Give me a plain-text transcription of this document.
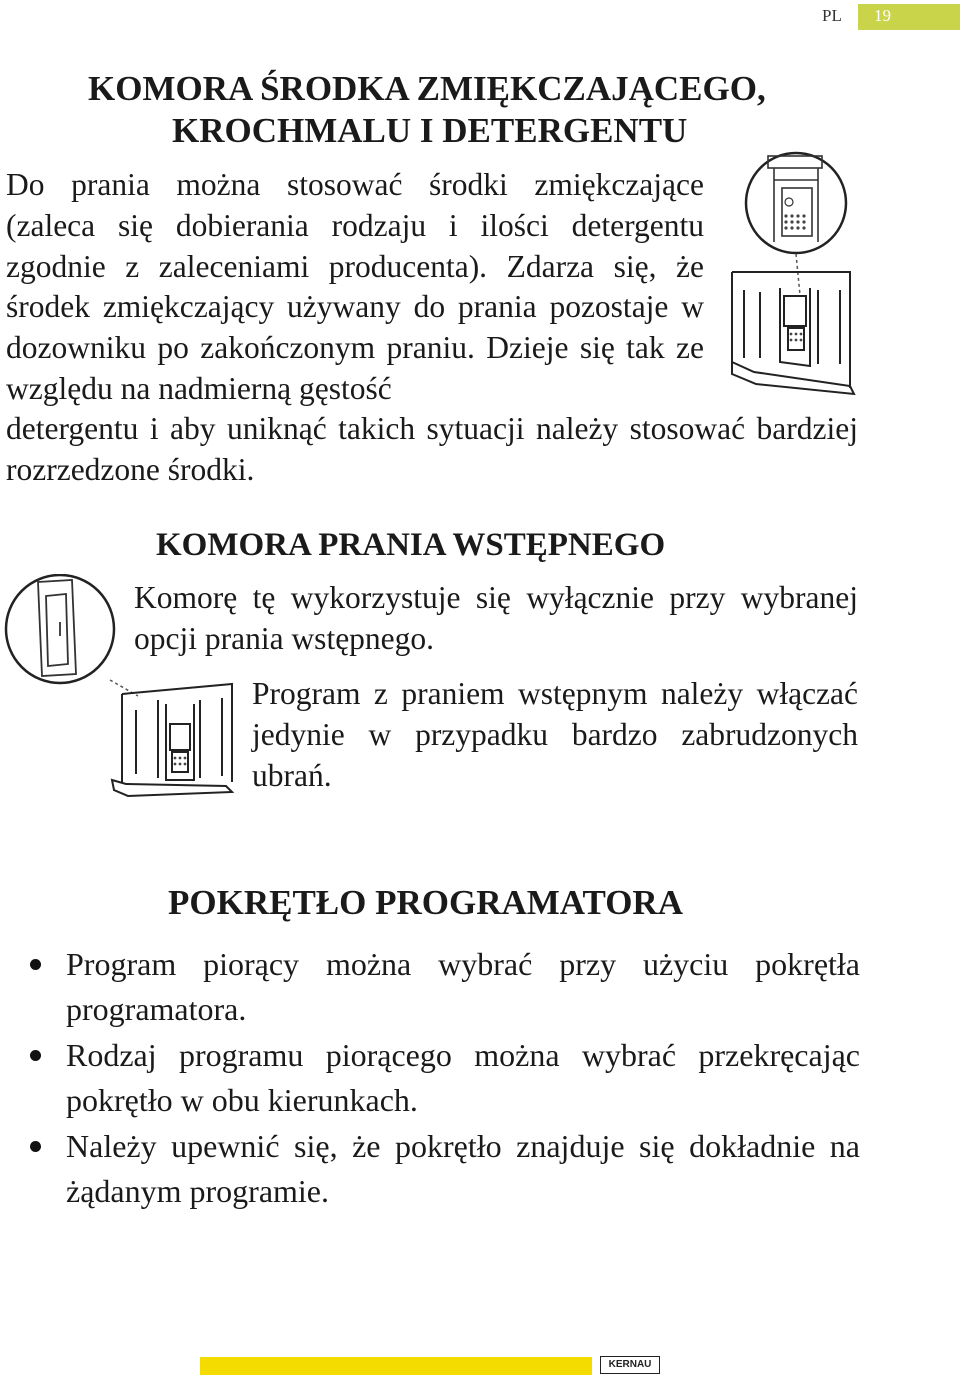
PL 19
KOMORA ŚRODKA ZMIĘKCZAJĄCEGO,
KROCHMALU I DETERGENTU

Do prania można stosować środki zmiękczające (zaleca się dobierania rodzaju i ilości detergentu zgodnie z zaleceniami producenta). Zdarza się, że środek zmiękczający używany do prania pozostaje w dozowniku po zakończonym praniu. Dzieje się tak ze względu na nadmierną gęstość

detergentu i aby uniknąć takich sytuacji należy stosować bardziej rozrzedzone środki.

KOMORA PRANIA WSTĘPNEGO

Komorę tę wykorzystuje się wyłącznie przy wybranej opcji prania wstępnego.

Program z praniem wstępnym należy włączać jedynie w przypadku bardzo zabrudzonych ubrań.

POKRĘTŁO PROGRAMATORA
Program piorący można wybrać przy użyciu pokrętła programatora.
Rodzaj programu piorącego można wybrać przekręcając pokrętło w obu kierunkach.
Należy upewnić się, że pokrętło znajduje się dokładnie na żądanym programie.
KERNAU
